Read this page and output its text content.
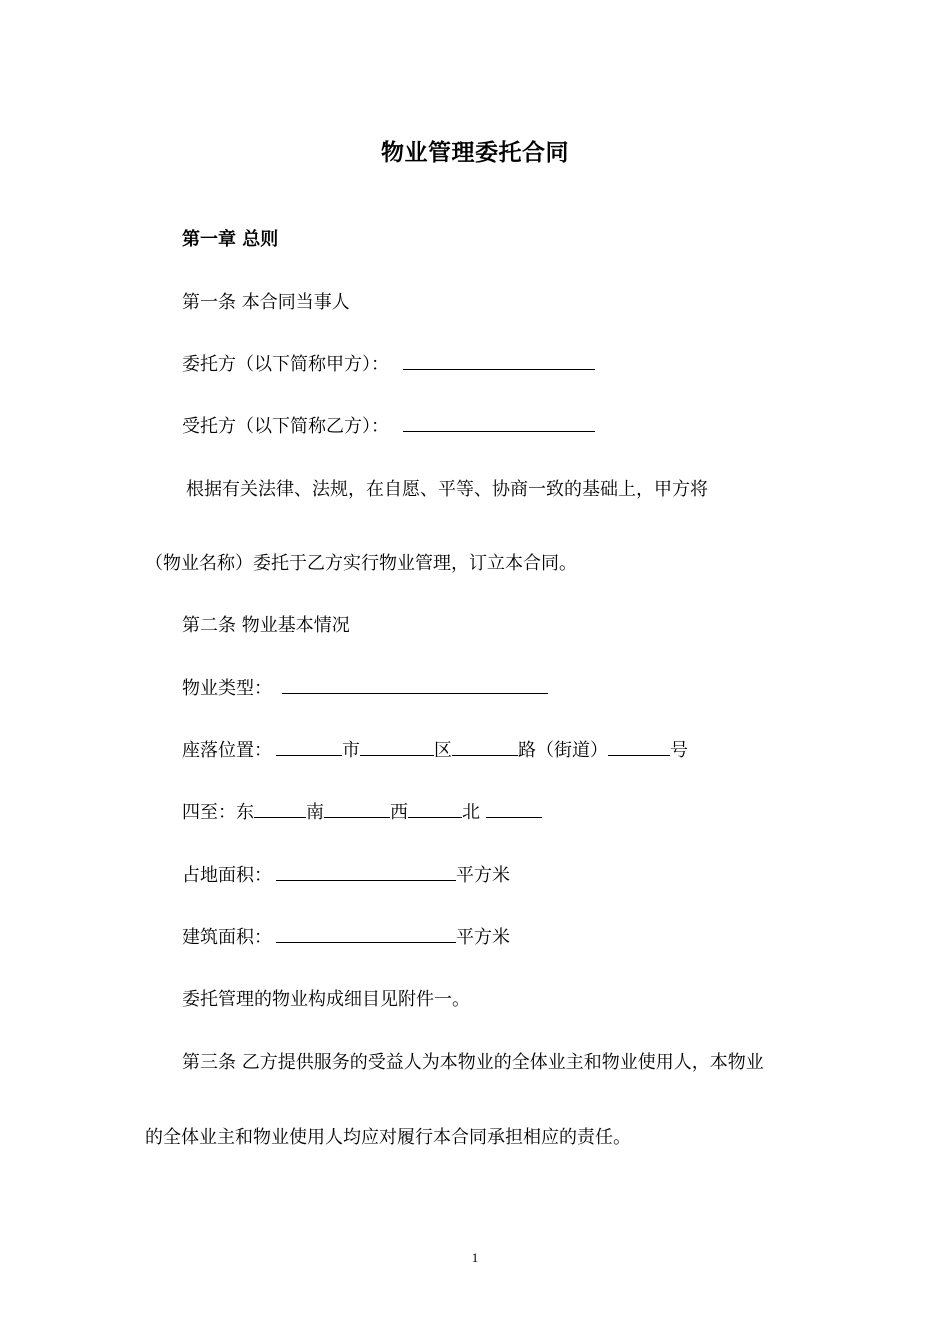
物业管理委托合同
第一章 总则
第一条 本合同当事人
委托方（以下简称甲方）：
受托方（以下简称乙方）：
根据有关法律、法规，在自愿、平等、协商一致的基础上，甲方将
（物业名称）委托于乙方实行物业管理，订立本合同。
第二条 物业基本情况
物业类型：
座落位置：	市	区	路（街道）	号
四至：东	南	西	北
占地面积：	平方米
建筑面积：	平方米
委托管理的物业构成细目见附件一。
第三条 乙方提供服务的受益人为本物业的全体业主和物业使用人，本物业
的全体业主和物业使用人均应对履行本合同承担相应的责任。
1
